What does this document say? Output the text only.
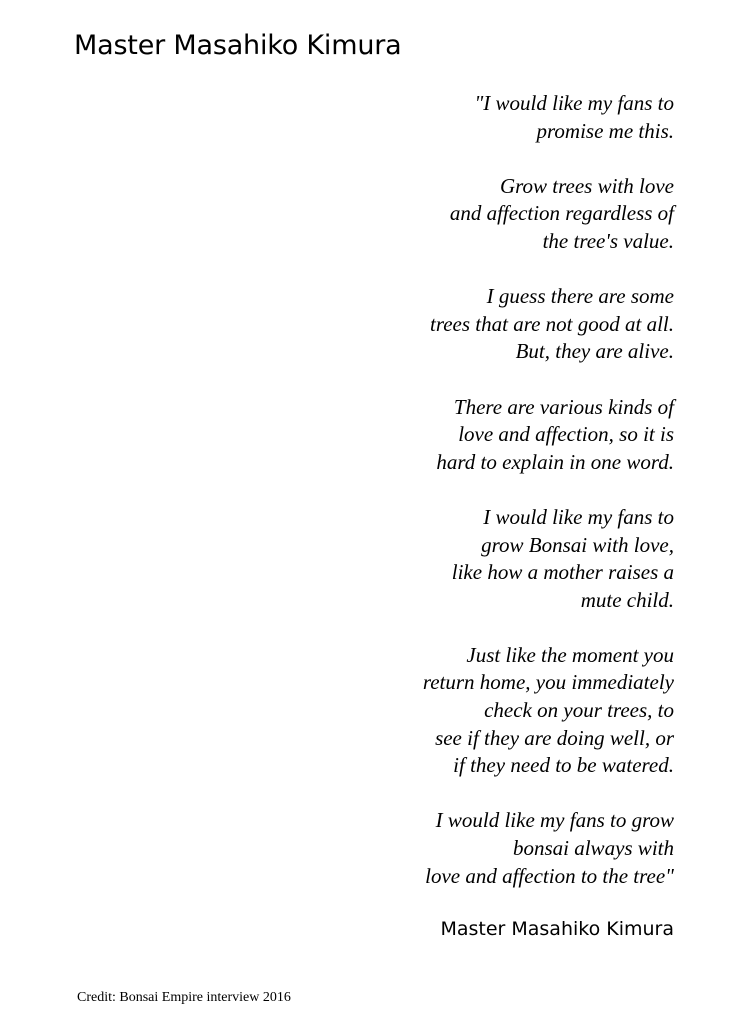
Master Masahiko Kimura

"I would like my fans to
promise me this.

Grow trees with love
and affection regardless of
the tree's value.

I guess there are some
trees that are not good at all.
But, they are alive.

There are various kinds of
love and affection, so it is
hard to explain in one word.

I would like my fans to
grow Bonsai with love,
like how a mother raises a
mute child.

Just like the moment you
return home, you immediately
check on your trees, to
see if they are doing well, or
if they need to be watered.

I would like my fans to grow
bonsai always with
love and affection to the tree"

Master Masahiko Kimura
Credit: Bonsai Empire interview 2016
